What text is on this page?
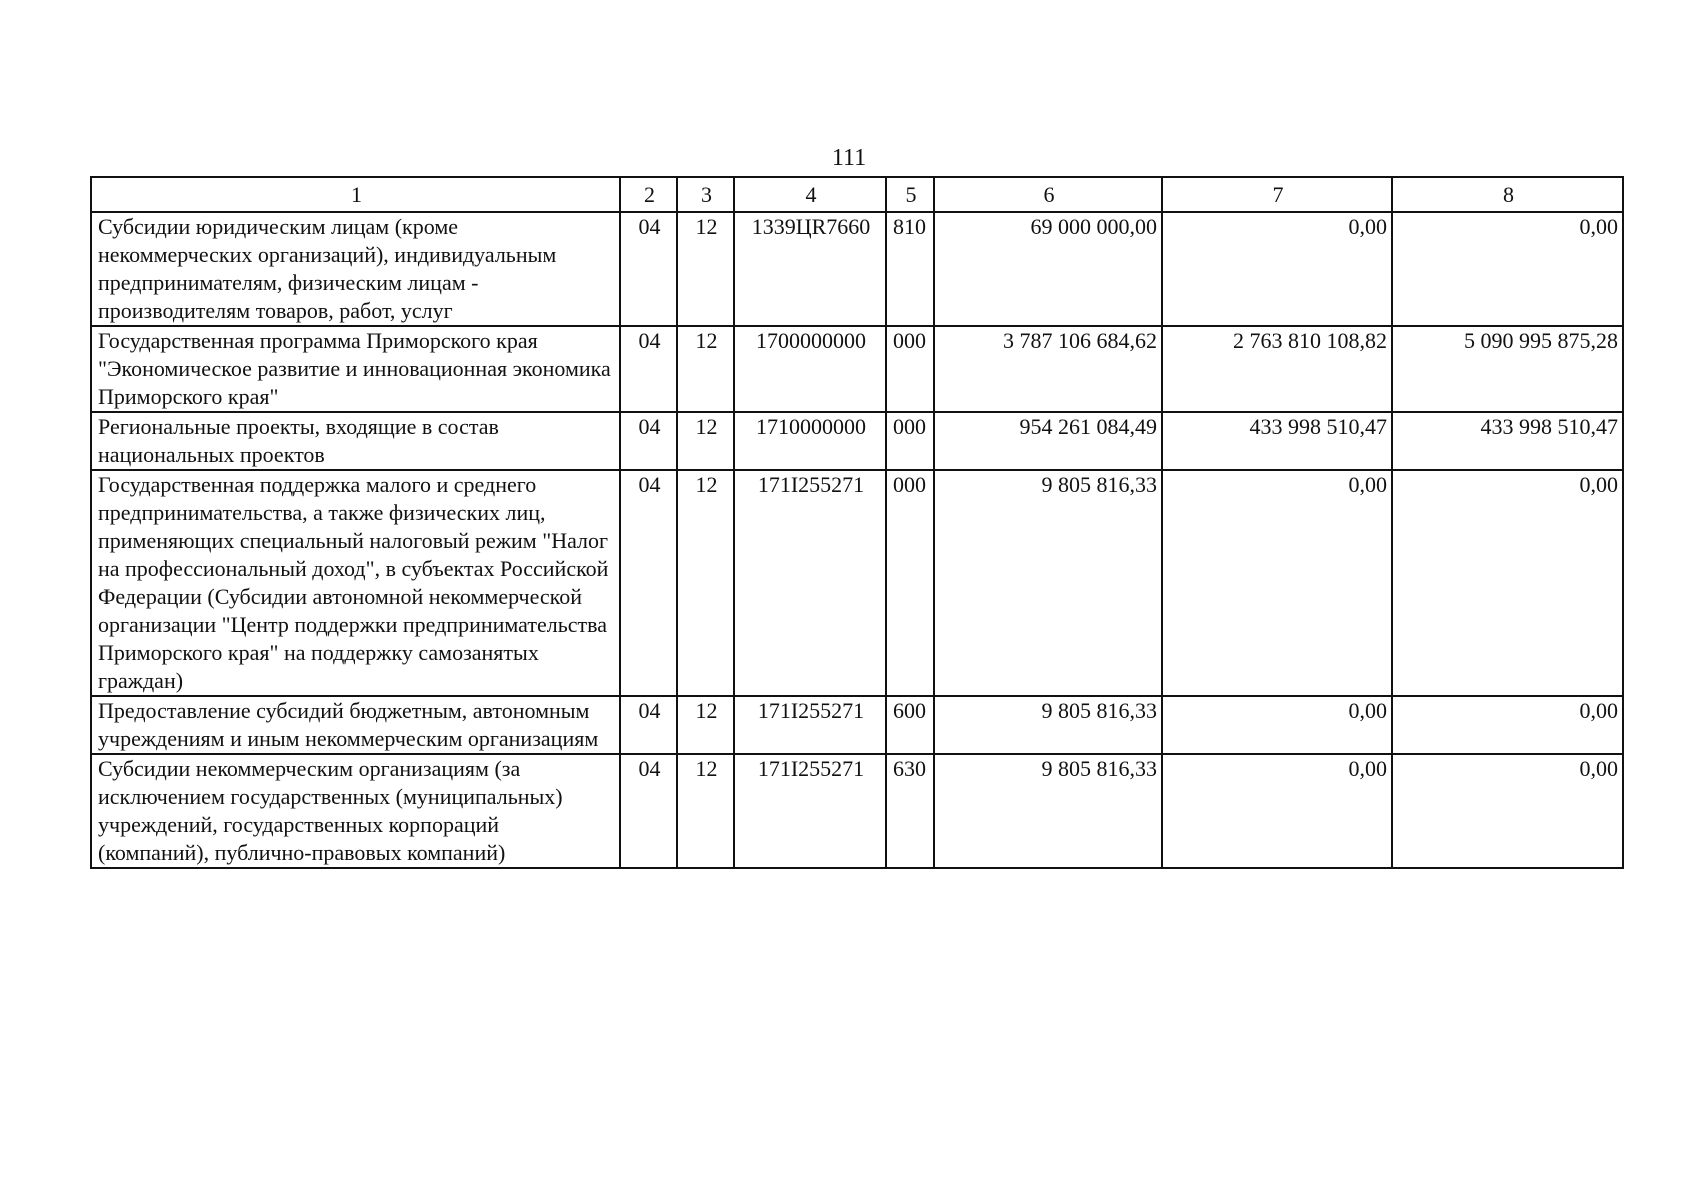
111
1	2	3	4	5	6	7	8
Субсидии юридическим лицам (кроме некоммерческих организаций), индивидуальным предпринимателям, физическим лицам - производителям товаров, работ, услуг	04	12	1339ЦR7660	810	69 000 000,00	0,00	0,00
Государственная программа Приморского края "Экономическое развитие и инновационная экономика Приморского края"	04	12	1700000000	000	3 787 106 684,62	2 763 810 108,82	5 090 995 875,28
Региональные проекты, входящие в состав национальных проектов	04	12	1710000000	000	954 261 084,49	433 998 510,47	433 998 510,47
Государственная поддержка малого и среднего предпринимательства, а также физических лиц, применяющих специальный налоговый режим "Налог на профессиональный доход", в субъектах Российской Федерации (Субсидии автономной некоммерческой организации "Центр поддержки предпринимательства Приморского края" на поддержку самозанятых граждан)	04	12	171I255271	000	9 805 816,33	0,00	0,00
Предоставление субсидий бюджетным, автономным учреждениям и иным некоммерческим организациям	04	12	171I255271	600	9 805 816,33	0,00	0,00
Субсидии некоммерческим организациям (за исключением государственных (муниципальных) учреждений, государственных корпораций (компаний), публично-правовых компаний)	04	12	171I255271	630	9 805 816,33	0,00	0,00
